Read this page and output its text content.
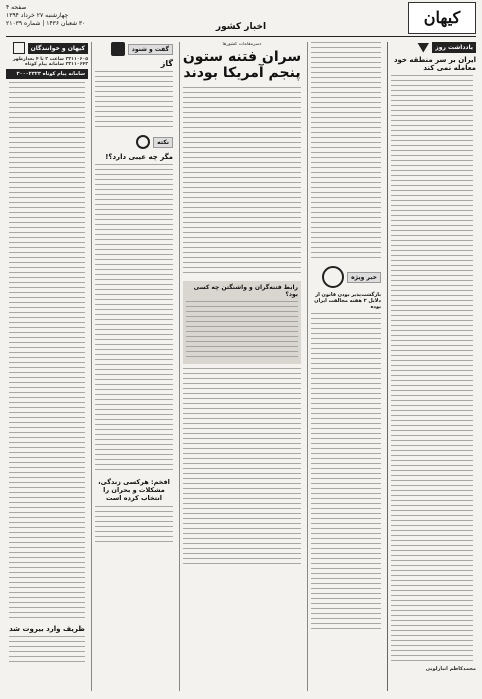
کیهان
صفحه ۴
چهارشنبه ۲۷ خرداد ۱۳۹۴
۳۰ شعبان ۱۴۳۶ | شماره ۲۱۰۳۹	اخبار کشور
یادداشت روز
ایران بر سر منطقه خود معامله نمی کند
محمدکاظم انبارلویی
خبر ویژه
بازگشت‌پذیر بودن قانون از دلایل ۲ هفته مخالفت ایران بوده
دسرمقامات کشورها
سران فتنه ستون پنجم آمریکا بودند
رابط فتنه‌گران و واشنگتن چه کسی بود؟
گفت و شنود
گاز
نکته
مگر چه عیبی دارد؟!
افخم: هرکسی زندگی، مشکلات و بحران را انتخاب کرده است
کیهان و خوانندگان
۳۳۱۱۰۶۰۵ ساعت ۲ تا ۴ بعدازظهر
۳۳۱۱۰۶۴۳ سامانه پیام کوتاه
سامانه پیام کوتاه ۳۰۰۰۲۳۲۳
ظریف وارد بیروت شد
